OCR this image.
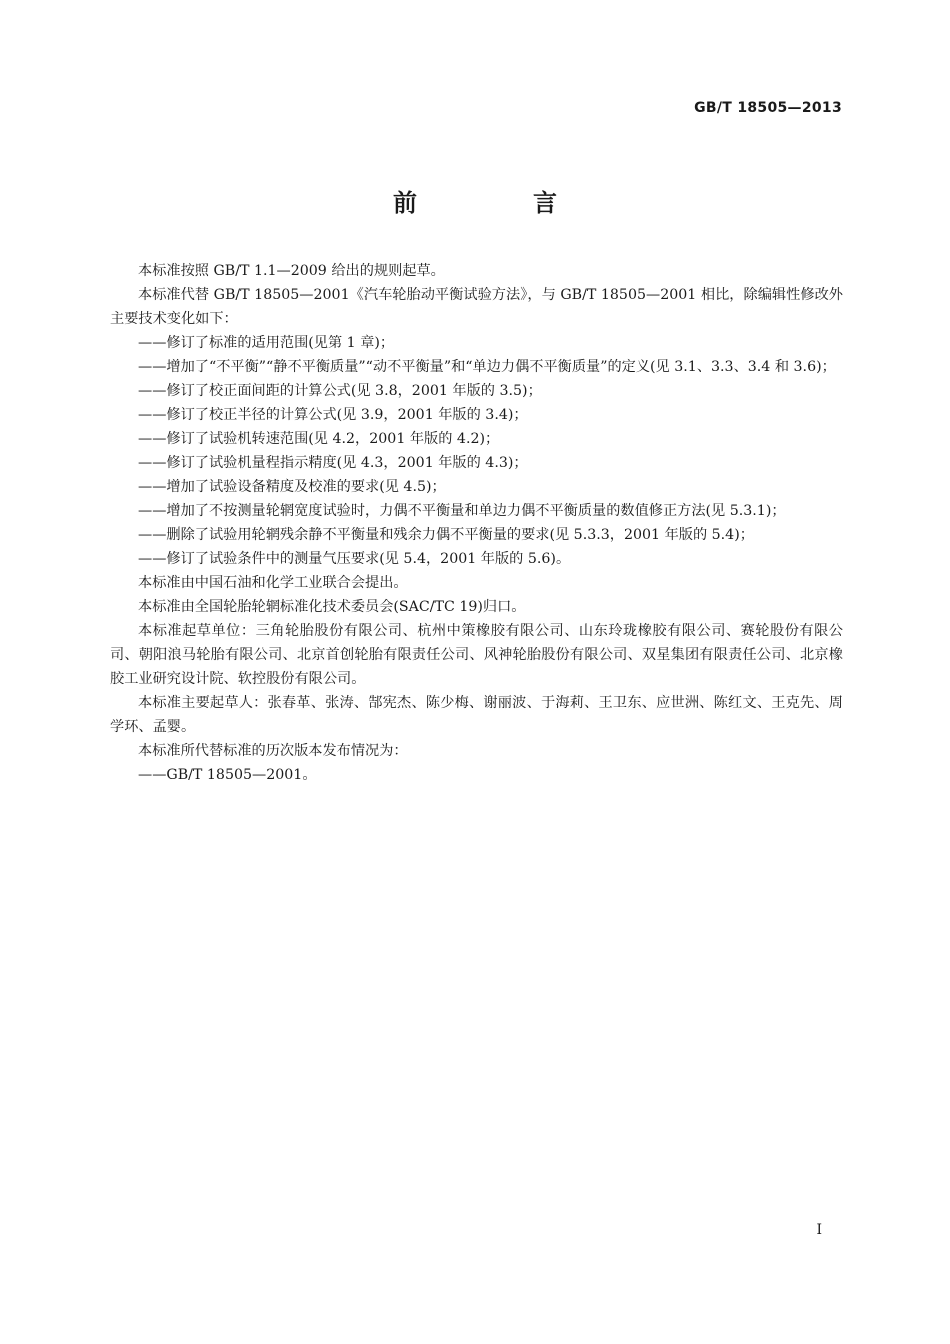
GB/T 18505—2013
前　言

本标准按照 GB/T 1.1—2009 给出的规则起草。

本标准代替 GB/T 18505—2001《汽车轮胎动平衡试验方法》，与 GB/T 18505—2001 相比，除编辑性修改外主要技术变化如下：

——修订了标准的适用范围(见第 1 章)；

——增加了“不平衡”“静不平衡质量”“动不平衡量”和“单边力偶不平衡质量”的定义(见 3.1、3.3、3.4 和 3.6)；

——修订了校正面间距的计算公式(见 3.8，2001 年版的 3.5)；

——修订了校正半径的计算公式(见 3.9，2001 年版的 3.4)；

——修订了试验机转速范围(见 4.2，2001 年版的 4.2)；

——修订了试验机量程指示精度(见 4.3，2001 年版的 4.3)；

——增加了试验设备精度及校准的要求(见 4.5)；

——增加了不按测量轮辋宽度试验时，力偶不平衡量和单边力偶不平衡质量的数值修正方法(见 5.3.1)；

——删除了试验用轮辋残余静不平衡量和残余力偶不平衡量的要求(见 5.3.3，2001 年版的 5.4)；

——修订了试验条件中的测量气压要求(见 5.4，2001 年版的 5.6)。

本标准由中国石油和化学工业联合会提出。

本标准由全国轮胎轮辋标准化技术委员会(SAC/TC 19)归口。

本标准起草单位：三角轮胎股份有限公司、杭州中策橡胶有限公司、山东玲珑橡胶有限公司、赛轮股份有限公司、朝阳浪马轮胎有限公司、北京首创轮胎有限责任公司、风神轮胎股份有限公司、双星集团有限责任公司、北京橡胶工业研究设计院、软控股份有限公司。

本标准主要起草人：张春革、张涛、郜宪杰、陈少梅、谢丽波、于海莉、王卫东、应世洲、陈红文、王克先、周学环、孟婴。

本标准所代替标准的历次版本发布情况为：

——GB/T 18505—2001。

I
